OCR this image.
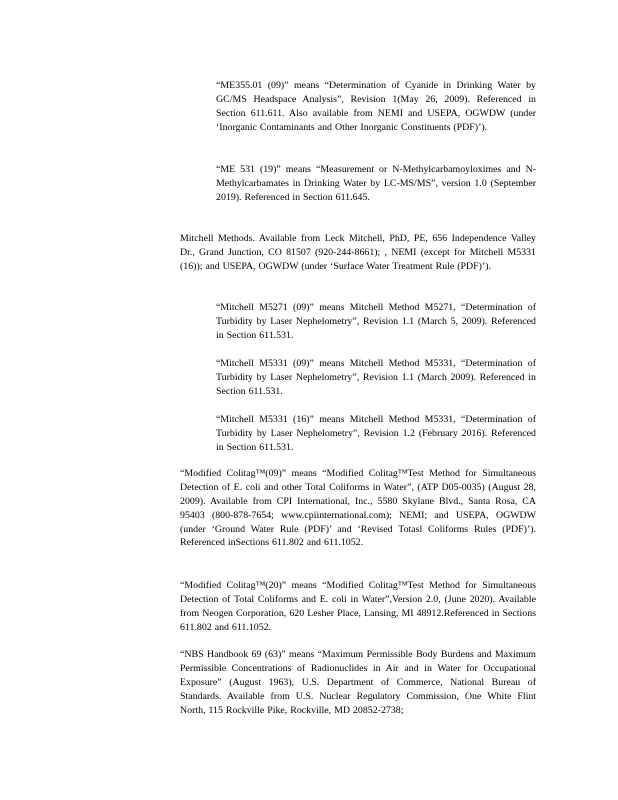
“ME355.01 (09)” means “Determination of Cyanide in Drinking Water by GC/MS Headspace Analysis”, Revision 1(May 26, 2009). Referenced in Section 611.611. Also available from NEMI and USEPA, OGWDW (under ‘Inorganic Contaminants and Other Inorganic Constituents (PDF)’).

“ME 531 (19)” means “Measurement or N-Methylcarbamoyloximes and N-Methylcarbamates in Drinking Water by LC-MS/MS”, version 1.0 (September 2019). Referenced in Section 611.645.

Mitchell Methods. Available from Leck Mitchell, PhD, PE, 656 Independence Valley Dr., Grand Junction, CO 81507 (920-244-8661); , NEMI (except for Mitchell M5331 (16)); and USEPA, OGWDW (under ‘Surface Water Treatment Rule (PDF)’).

“Mitchell M5271 (09)” means Mitchell Method M5271, “Determination of Turbidity by Laser Nephelometry”, Revision 1.1 (March 5, 2009). Referenced in Section 611.531.

“Mitchell M5331 (09)” means Mitchell Method M5331, “Determination of Turbidity by Laser Nephelometry”, Revision 1.1 (March 2009). Referenced in Section 611.531.

“Mitchell M5331 (16)” means Mitchell Method M5331, “Determination of Turbidity by Laser Nephelometry”, Revision 1.2 (February 2016). Referenced in Section 611.531.

“Modified Colitag™(09)” means “Modified Colitag™Test Method for Simultaneous Detection of E. coli and other Total Coliforms in Water”, (ATP D05-0035) (August 28, 2009). Available from CPI International, Inc., 5580 Skylane Blvd., Santa Rosa, CA 95403 (800-878-7654; www.cpiinternational.com); NEMI; and USEPA, OGWDW (under ‘Ground Water Rule (PDF)’ and ‘Revised Totasl Coliforms Rules (PDF)’). Referenced inSections 611.802 and 611.1052.

“Modified Colitag™(20)” means “Modified Colitag™Test Method for Simultaneous Detection of Total Coliforms and E. coli in Water”,Version 2.0, (June 2020). Available from Neogen Corporation, 620 Lesher Place, Lansing, MI 48912.Referenced in Sections 611.802 and 611.1052.

“NBS Handbook 69 (63)” means “Maximum Permissible Body Burdens and Maximum Permissible Concentrations of Radionuclides in Air and in Water for Occupational Exposure” (August 1963), U.S. Department of Commerce, National Bureau of Standards. Available from U.S. Nuclear Regulatory Commission, One White Flint North, 115 Rockville Pike, Rockville, MD 20852-2738;
